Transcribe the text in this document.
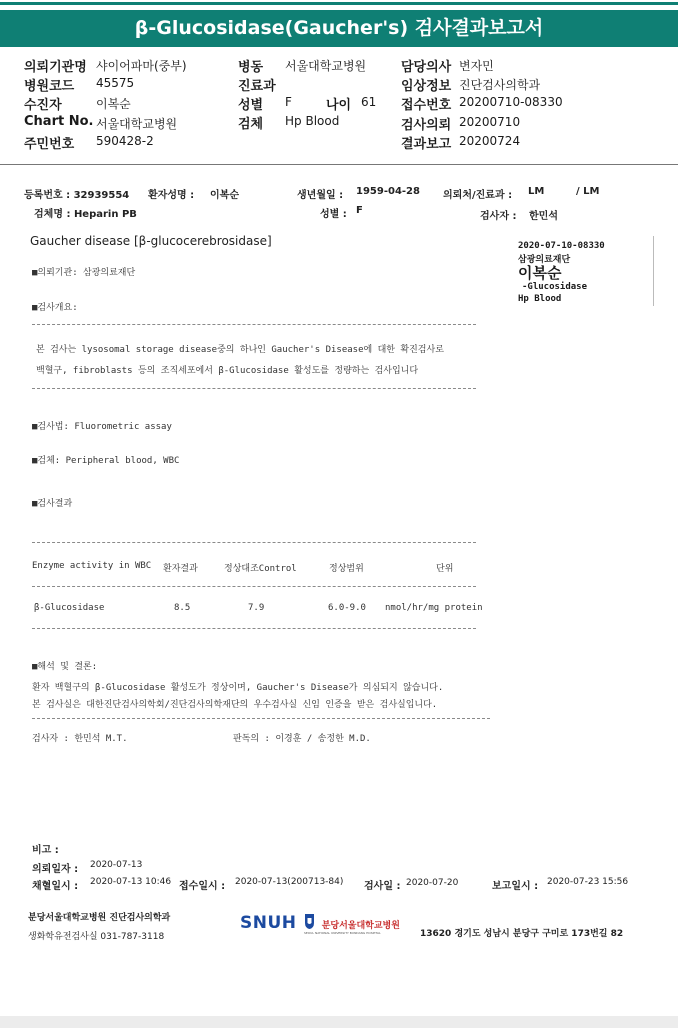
β-Glucosidase(Gaucher's) 검사결과보고서
의뢰기관명 샤이어파마(중부)
병원코드 45575
수진자	이복순
Chart No. 서울대학교병원
주민번호 590428-2
병동 서울대학교병원
진료과
성별 F	나이 61
검체 Hp Blood
담당의사 변자민
임상정보 진단검사의학과
접수번호 20200710-08330
검사의뢰 20200710
결과보고 20200724
등록번호 : 32939554 환자성명 : 이복순	생년월일 : 1959-04-28 의뢰처/진료과 : LM	/ LM
검체명 : Heparin PB	성별 : F
검사자 : 한민석
Gaucher disease [β-glucocerebrosidase]	2020-07-10-08330
삼광의료재단
이복순
-Glucosidase
Hp Blood
■의뢰기관: 삼광의료재단
■검사개요:
본 검사는 lysosomal storage disease중의 하나인 Gaucher's Disease에 대한 확진검사로
백혈구, fibroblasts 등의 조직세포에서 β-Glucosidase 활성도를 정량하는 검사입니다
■검사법: Fluorometric assay
■검체: Peripheral blood, WBC
■검사결과
Enzyme activity in WBC 환자결과	정상대조Control	정상범위	단위
β-Glucosidase	8.5	7.9	6.0-9.0 nmol/hr/mg protein
■해석 및 결론:
환자 백혈구의 β-Glucosidase 활성도가 정상이며, Gaucher's Disease가 의심되지 않습니다.
본 검사실은 대한진단검사의학회/진단검사의학재단의 우수검사실 신임 인증을 받은 검사실입니다.
검사자 : 한민석 M.T.	판독의 : 이경훈 / 송정한 M.D.
비고 :
의뢰일자 : 2020-07-13
채혈일시 : 2020-07-13 10:46 접수일시 : 2020-07-13(200713-84) 검사일 : 2020-07-20	보고일시 : 2020-07-23 15:56
분당서울대학교병원 진단검사의학과
생화학유전검사실 031-787-3118
SNUH	분당서울대학교병원
SEOUL NATIONAL UNIVERSITY BUNDANG HOSPITAL	13620 경기도 성남시 분당구 구미로 173번길 82
